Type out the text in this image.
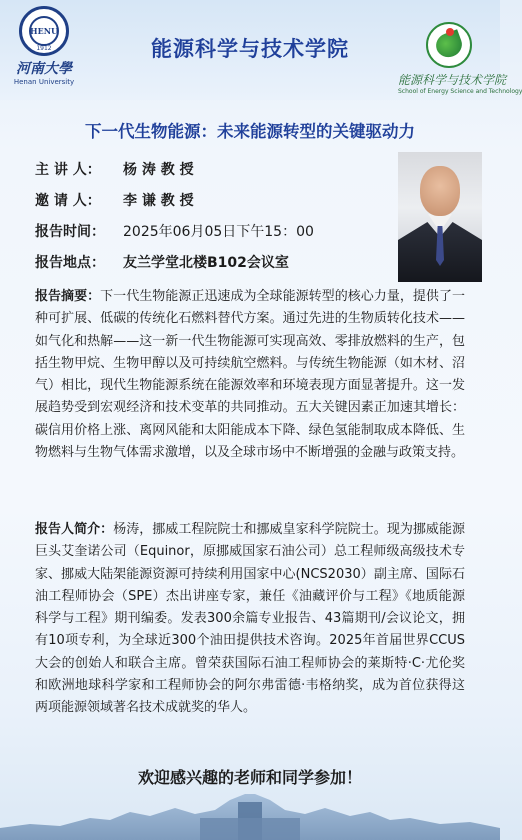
HENU
1912
河南大學
Henan University
能源科学与技术学院
能源科学与技术学院
School of Energy Science and Technology
下一代生物能源：未来能源转型的关键驱动力
主 讲 人： 杨 涛 教 授
邀 请 人： 李 谦 教 授
报告时间： 2025年06月05日下午15：00
报告地点： 友兰学堂北楼B102会议室
报告摘要：下一代生物能源正迅速成为全球能源转型的核心力量，提供了一种可扩展、低碳的传统化石燃料替代方案。通过先进的生物质转化技术——如气化和热解——这一新一代生物能源可实现高效、零排放燃料的生产，包括生物甲烷、生物甲醇以及可持续航空燃料。与传统生物能源（如木材、沼气）相比，现代生物能源系统在能源效率和环境表现方面显著提升。这一发展趋势受到宏观经济和技术变革的共同推动。五大关键因素正加速其增长：碳信用价格上涨、离网风能和太阳能成本下降、绿色氢能制取成本降低、生物燃料与生物气体需求激增，以及全球市场中不断增强的金融与政策支持。
报告人简介：杨涛，挪威工程院院士和挪威皇家科学院院士。现为挪威能源巨头艾奎诺公司（Equinor，原挪威国家石油公司）总工程师级高级技术专家、挪威大陆架能源资源可持续利用国家中心(NCS2030）副主席、国际石油工程师协会（SPE）杰出讲座专家，兼任《油藏评价与工程》《地质能源科学与工程》期刊编委。发表300余篇专业报告、43篇期刊/会议论文，拥有10项专利，为全球近300个油田提供技术咨询。2025年首届世界CCUS大会的创始人和联合主席。曾荣获国际石油工程师协会的莱斯特·C·尤伦奖和欧洲地球科学家和工程师协会的阿尔弗雷德·韦格纳奖，成为首位获得这两项能源领域著名技术成就奖的华人。
欢迎感兴趣的老师和同学参加！
